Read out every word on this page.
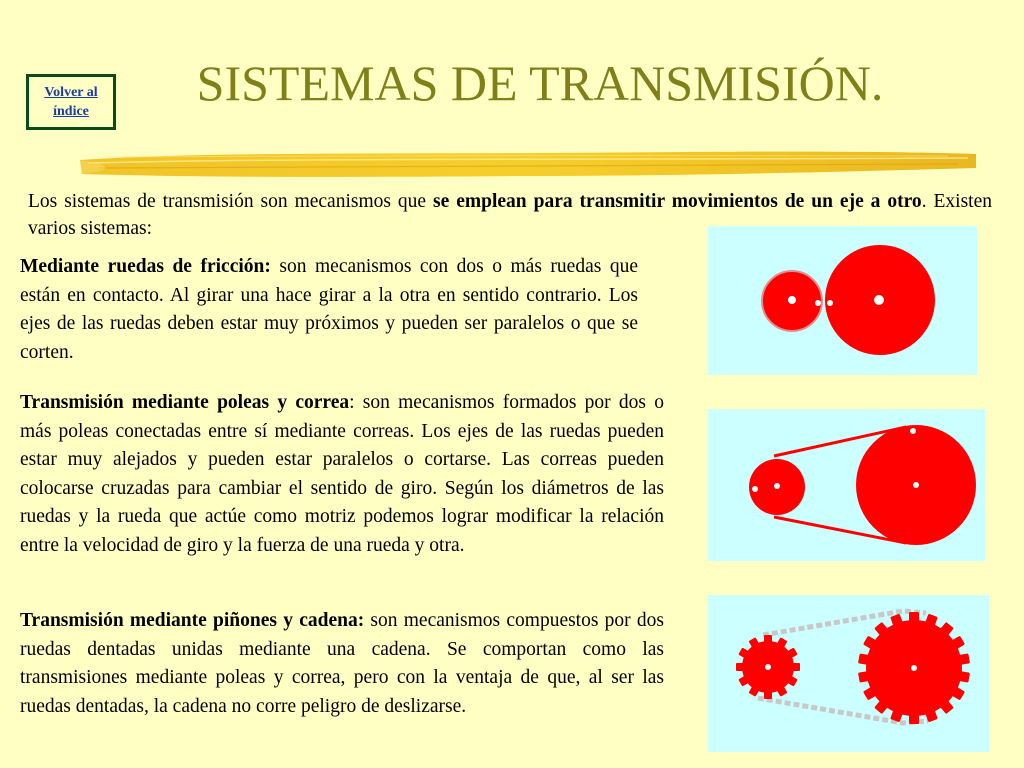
Volver al
índice
SISTEMAS DE TRANSMISIÓN.

Los sistemas de transmisión son mecanismos que se emplean para transmitir movimientos de un eje a otro. Existen varios sistemas:

Mediante ruedas de fricción: son mecanismos con dos o más ruedas que están en contacto. Al girar una hace girar a la otra en sentido contrario. Los ejes de las ruedas deben estar muy próximos y pueden ser paralelos o que se corten.

Transmisión mediante poleas y correa: son mecanismos formados por dos o más poleas conectadas entre sí mediante correas. Los ejes de las ruedas pueden estar muy alejados y pueden estar paralelos o cortarse. Las correas pueden colocarse cruzadas para cambiar el sentido de giro. Según los diámetros de las ruedas y la rueda que actúe como motriz podemos lograr modificar la relación entre la velocidad de giro y la fuerza de una rueda y otra.

Transmisión mediante piñones y cadena: son mecanismos compuestos por dos ruedas dentadas unidas mediante una cadena. Se comportan como las transmisiones mediante poleas y correa, pero con la ventaja de que, al ser las ruedas dentadas, la cadena no corre peligro de deslizarse.
